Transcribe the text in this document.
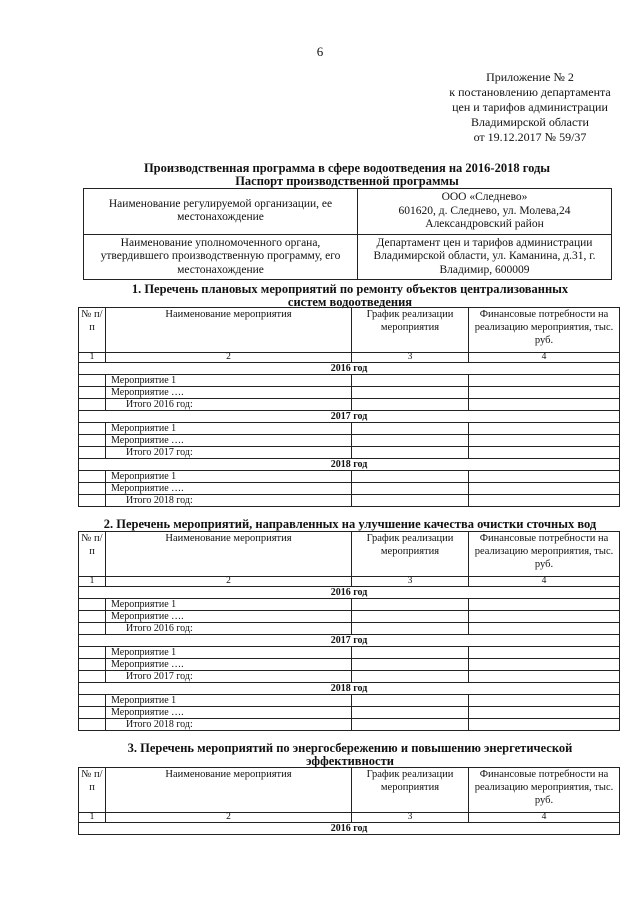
6
Приложение № 2
к постановлению департамента
цен и тарифов администрации
Владимирской области
от 19.12.2017 № 59/37
Производственная программа в сфере водоотведения на 2016-2018 годы
Паспорт производственной программы
Наименование регулируемой организации, ее местонахождение	ООО «Следнево»
601620, д. Следнево, ул. Молева,24
Александровский район

Наименование уполномоченного органа, утвердившего производственную программу, его местонахождение	Департамент цен и тарифов администрации
Владимирской области, ул. Каманина, д.31, г.
Владимир, 600009
1. Перечень плановых мероприятий по ремонту объектов централизованных
систем водоотведения
№ п/п	Наименование мероприятия	График реализации мероприятия	Финансовые потребности на реализацию мероприятия, тыс. руб.
1	2	3	4
2016 год			
	Мероприятие 1		
	Мероприятие ….		
	Итого 2016 год:		
2017 год			
	Мероприятие 1		
	Мероприятие ….		
	Итого 2017 год:		
2018 год			
	Мероприятие 1		
	Мероприятие ….		
	Итого 2018 год:		
2. Перечень мероприятий, направленных на улучшение качества очистки сточных вод
№ п/п	Наименование мероприятия	График реализации мероприятия	Финансовые потребности на реализацию мероприятия, тыс. руб.
1	2	3	4
2016 год			
	Мероприятие 1		
	Мероприятие ….		
	Итого 2016 год:		
2017 год			
	Мероприятие 1		
	Мероприятие ….		
	Итого 2017 год:		
2018 год			
	Мероприятие 1		
	Мероприятие ….		
	Итого 2018 год:		
3. Перечень мероприятий по энергосбережению и повышению энергетической
эффективности
№ п/п	Наименование мероприятия	График реализации мероприятия	Финансовые потребности на реализацию мероприятия, тыс. руб.
1	2	3	4
2016 год			
